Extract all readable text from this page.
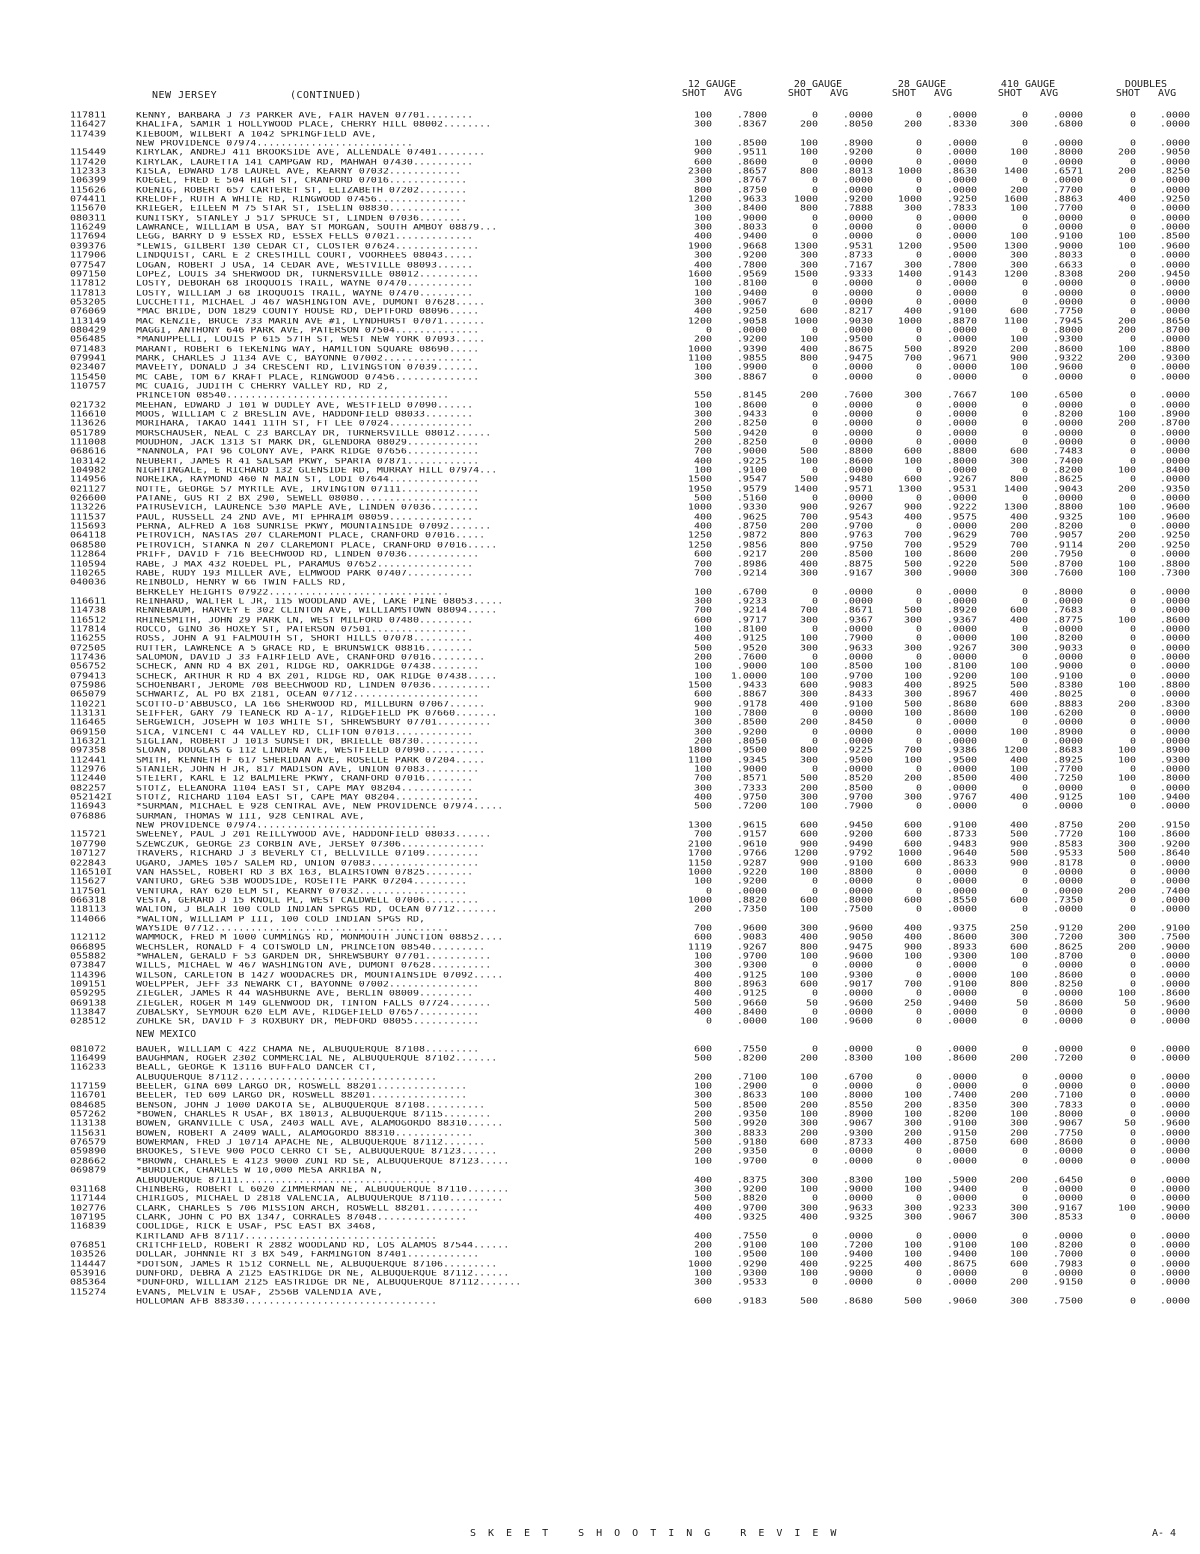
NEW JERSEY	(CONTINUED)
12 GAUGE
SHOT AVG
20 GAUGE
SHOT AVG
28 GAUGE
SHOT AVG
410 GAUGE
SHOT AVG
DOUBLES
SHOT AVG
117811	KENNY, BARBARA J 73 PARKER AVE, FAIR HAVEN 07701........	100	.7800	0	.0000	0	.0000	0	.0000	0	.0000
116427	KHALIFA, SAMIR 1 HOLLYWOOD PLACE, CHERRY HILL 08002........	300	.8367	200	.8050	200	.8330	300	.6800	0	.0000
117439	KIEBOOM, WILBERT A 1042 SPRINGFIELD AVE,
NEW PROVIDENCE 07974..........................	100	.8500	100	.8900	0	.0000	0	.0000	0	.0000
115449	KIRYLAK, ANDREJ 411 BROOKSIDE AVE, ALLENDALE 07401........	900	.9511	100	.9200	0	.0000	100	.8000	200	.9050
117420	KIRYLAK, LAURETTA 141 CAMPGAW RD, MAHWAH 07430..........	600	.8600	0	.0000	0	.0000	0	.0000	0	.0000
112333	KISLA, EDWARD 178 LAUREL AVE, KEARNY 07032............	2300	.8657	800	.8013	1000	.8630	1400	.6571	200	.8250
106399	KOEGEL, FRED E 504 HIGH ST, CRANFORD 07016.............	300	.8767	0	.0000	0	.0000	0	.0000	0	.0000
115626	KOENIG, ROBERT 657 CARTERET ST, ELIZABETH 07202........	800	.8750	0	.0000	0	.0000	200	.7700	0	.0000
074411	KRELOFF, RUTH A WHITE RD, RINGWOOD 07456...............	1200	.9633	1000	.9200	1000	.9250	1600	.8863	400	.9250
115670	KRIEGER, EILEEN M 75 STAR ST, ISELIN 08830............	300	.8400	800	.7888	300	.7833	100	.7700	0	.0000
080311	KUNITSKY, STANLEY J 517 SPRUCE ST, LINDEN 07036........	100	.9000	0	.0000	0	.0000	0	.0000	0	.0000
116249	LAWRANCE, WILLIAM B USA, BAY ST MORGAN, SOUTH AMBOY 08879...	300	.8033	0	.0000	0	.0000	0	.0000	0	.0000
117694	LEGG, BARRY D 9 ESSEX RD, ESSEX FELLS 07021.............	400	.9400	0	.0000	0	.0000	100	.9100	100	.8500
039376	*LEWIS, GILBERT 130 CEDAR CT, CLOSTER 07624..............	1900	.9668	1300	.9531	1200	.9500	1300	.9000	100	.9600
117906	LINDQUIST, CARL E 2 CRESTHILL COURT, VOORHEES 08043.....	300	.9200	300	.8733	0	.0000	300	.8033	0	.0000
077547	LOGAN, ROBERT J USA, 14 CEDAR AVE, WESTVILLE 08093......	400	.7800	300	.7167	300	.7800	300	.6633	0	.0000
097150	LOPEZ, LOUIS 34 SHERWOOD DR, TURNERSVILLE 08012..........	1600	.9569	1500	.9333	1400	.9143	1200	.8308	200	.9450
117812	LOSTY, DEBORAH 68 IROQUOIS TRAIL, WAYNE 07470...........	100	.8100	0	.0000	0	.0000	0	.0000	0	.0000
117813	LOSTY, WILLIAM J 68 IROQUOIS TRAIL, WAYNE 07470.........	100	.9400	0	.0000	0	.0000	0	.0000	0	.0000
053205	LUCCHETTI, MICHAEL J 467 WASHINGTON AVE, DUMONT 07628.....	300	.9067	0	.0000	0	.0000	0	.0000	0	.0000
076069	*MAC BRIDE, DON 1829 COUNTY HOUSE RD, DEPTFORD 08096.....	400	.9250	600	.8217	400	.9100	600	.7750	0	.0000
113149	MAC KENZIE, BRUCE 733 MARIN AVE #1, LYNDHURST 07071.......	1200	.9058	1000	.9030	1000	.8870	1100	.7945	200	.8650
080429	MAGGI, ANTHONY 646 PARK AVE, PATERSON 07504..............	0	.0000	0	.0000	0	.0000	0	.8000	200	.8700
056485	*MANUPPELLI, LOUIS P 615 57TH ST, WEST NEW YORK 07093.....	200	.9200	100	.9500	0	.0000	100	.9300	0	.0000
071483	MARANT, ROBERT 6 TEKENING WAY, HAMILTON SQUARE 08690.....	1000	.9390	400	.8675	500	.8920	200	.8600	100	.8800
079941	MARK, CHARLES J 1134 AVE C, BAYONNE 07002...............	1100	.9855	800	.9475	700	.9671	900	.9322	200	.9300
023407	MAVEETY, DONALD J 34 CRESCENT RD, LIVINGSTON 07039.......	100	.9900	0	.0000	0	.0000	100	.9600	0	.0000
115450	MC CABE, TOM 67 KRAFT PLACE, RINGWOOD 07456..............	300	.8867	0	.0000	0	.0000	0	.0000	0	.0000
110757	MC CUAIG, JUDITH C CHERRY VALLEY RD, RD 2,
PRINCETON 08540.....................................	550	.8145	200	.7600	300	.7667	100	.6500	0	.0000
021732	MEEHAN, EDWARD J 101 W DUDLEY AVE, WESTFIELD 07090......	100	.8600	0	.0000	0	.0000	0	.0000	0	.0000
116610	MOOS, WILLIAM C 2 BRESLIN AVE, HADDONFIELD 08033........	300	.9433	0	.0000	0	.0000	0	.8200	100	.8900
113626	MORIHARA, TAKAO 1441 11TH ST, FT LEE 07024..............	200	.8250	0	.0000	0	.0000	0	.0000	200	.8700
051789	MORSCHAUSER, NEAL C 23 BARCLAY DR, TURNERSVILLE 08012......	500	.9420	0	.0000	0	.0000	0	.0000	0	.0000
111008	MOUDHON, JACK 1313 ST MARK DR, GLENDORA 08029............	200	.8250	0	.0000	0	.0000	0	.0000	0	.0000
068616	*NANNOLA, PAT 96 COLONY AVE, PARK RIDGE 07656............	700	.9000	500	.8800	600	.8800	600	.7483	0	.0000
103142	NEUBERT, JAMES R 41 SALSAM PKWY, SPARTA 07871............	400	.9225	100	.8600	100	.8000	300	.7400	0	.0000
104982	NIGHTINGALE, E RICHARD 132 GLENSIDE RD, MURRAY HILL 07974...	100	.9100	0	.0000	0	.0000	0	.8200	100	.8400
114956	NOREIKA, RAYMOND 460 N MAIN ST, LODI 07644...............	1500	.9547	500	.9480	600	.9267	800	.8625	0	.0000
021127	NOTTE, GEORGE 57 MYRTLE AVE, IRVINGTON 07111.............	1950	.9579	1400	.9571	1300	.9531	1400	.9043	200	.9350
026600	PATANE, GUS RT 2 BX 290, SEWELL 08080....................	500	.5160	0	.0000	0	.0000	0	.0000	0	.0000
113226	PATRUSEVICH, LAURENCE 530 MAPLE AVE, LINDEN 07036........	1000	.9330	900	.9267	900	.9222	1300	.8800	100	.9600
111537	PAUL, RUSSELL 24 2ND AVE, MT EPHRAIM 08059..............	400	.9625	700	.9543	400	.9575	400	.9325	100	.9600
115693	PERNA, ALFRED A 168 SUNRISE PKWY, MOUNTAINSIDE 07092.......	400	.8750	200	.9700	0	.0000	200	.8200	0	.0000
064118	PETROVICH, NASTAS 207 CLAREMONT PLACE, CRANFORD 07016.....	1250	.9872	800	.9763	700	.9629	700	.9057	200	.9250
068580	PETROVICH, STANKA N 207 CLAREMONT PLACE, CRANFORD 07016.....	1250	.9856	800	.9750	700	.9529	700	.9114	200	.9250
112864	PRIFF, DAVID F 716 BEECHWOOD RD, LINDEN 07036............	600	.9217	200	.8500	100	.8600	200	.7950	0	.0000
110594	RABE, J MAX 432 ROEDEL PL, PARAMUS 07652................	700	.8986	400	.8875	500	.9220	500	.8700	100	.8800
110265	RABE, RUDY 193 MILLER AVE, ELMWOOD PARK 07407...........	700	.9214	300	.9167	300	.9000	300	.7600	100	.7300
040036	REINBOLD, HENRY W 66 TWIN FALLS RD,
BERKELEY HEIGHTS 07922..............................	100	.6700	0	.0000	0	.0000	0	.8000	0	.0000
116611	REINHARD, WALTER L JR, 115 WOODLAND AVE, LAKE PINE 08053.....	300	.9233	0	.0000	0	.0000	0	.0000	0	.0000
114738	RENNEBAUM, HARVEY E 302 CLINTON AVE, WILLIAMSTOWN 08094.....	700	.9214	700	.8671	500	.8920	600	.7683	0	.0000
116512	RHINESMITH, JOHN 29 PARK LN, WEST MILFORD 07480.........	600	.9717	300	.9367	300	.9367	400	.8775	100	.8600
117814	ROCCO, GINO 36 HOXEY ST, PATERSON 07501................	100	.8100	0	.0000	0	.0000	0	.0000	0	.0000
116255	ROSS, JOHN A 91 FALMOUTH ST, SHORT HILLS 07078..........	400	.9125	100	.7900	0	.0000	100	.8200	0	.0000
072505	RUTTER, LAWRENCE A 5 GRACE RD, E BRUNSWICK 08816........	500	.9520	300	.9633	300	.9267	300	.9033	0	.0000
117436	SALOMON, DAVID J 33 FAIRFIELD AVE, CRANFORD 07016.........	200	.7600	0	.0000	0	.0000	0	.0000	0	.0000
056752	SCHECK, ANN RD 4 BX 201, RIDGE RD, OAKRIDGE 07438........	100	.9000	100	.8500	100	.8100	100	.9000	0	.0000
079413	SCHECK, ARTHUR R RD 4 BX 201, RIDGE RD, OAK RIDGE 07438.....	100	1.0000	100	.9700	100	.9200	100	.9100	0	.0000
075986	SCHOENBART, JEROME 708 BEECHWOOD RD, LINDEN 07036..........	1500	.9433	600	.9083	400	.8925	500	.8380	100	.8800
065079	SCHWARTZ, AL PO BX 2181, OCEAN 07712.....................	600	.8867	300	.8433	300	.8967	400	.8025	0	.0000
110221	SCOTTO-D'ABBUSCO, LA 166 SHERWOOD RD, MILLBURN 07067......	900	.9178	400	.9100	500	.8680	600	.8883	200	.8300
113131	SEIFFER, GARY 79 TEANECK RD A-17, RIDGEFIELD PK 07660.......	100	.7800	0	.0000	100	.8600	100	.6200	0	.0000
116465	SERGEWICH, JOSEPH W 103 WHITE ST, SHREWSBURY 07701.........	300	.8500	200	.8450	0	.0000	0	.0000	0	.0000
069150	SICA, VINCENT C 44 VALLEY RD, CLIFTON 07013.............	300	.9200	0	.0000	0	.0000	100	.8900	0	.0000
116321	SIGLIAN, ROBERT J 1013 SUNSET DR, BRIELLE 08730..........	200	.8050	0	.0000	0	.0000	0	.0000	0	.0000
097358	SLOAN, DOUGLAS G 112 LINDEN AVE, WESTFIELD 07090..........	1800	.9500	800	.9225	700	.9386	1200	.8683	100	.8900
112441	SMITH, KENNETH F 617 SHERIDAN AVE, ROSELLE PARK 07204.....	1100	.9345	300	.9500	100	.9500	400	.8925	100	.9300
112976	STANIER, JOHN H JR, 817 MADISON AVE, UNION 07083.........	100	.9000	0	.0000	0	.0000	100	.7700	0	.0000
112440	STEIERT, KARL E 12 BALMIERE PKWY, CRANFORD 07016........	700	.8571	500	.8520	200	.8500	400	.7250	100	.8000
082257	STOTZ, ELEANORA 1104 EAST ST, CAPE MAY 08204............	300	.7333	200	.8500	0	.0000	0	.0000	0	.0000
052142I	STOTZ, RICHARD 1104 EAST ST, CAPE MAY 08204..............	400	.9750	300	.9700	300	.9767	400	.9125	100	.9400
116943	*SURMAN, MICHAEL E 928 CENTRAL AVE, NEW PROVIDENCE 07974.....	500	.7200	100	.7900	0	.0000	0	.0000	0	.0000
076886	SURMAN, THOMAS W III, 928 CENTRAL AVE,
NEW PROVIDENCE 07974..............................	1300	.9615	600	.9450	600	.9100	400	.8750	200	.9150
115721	SWEENEY, PAUL J 201 REILLYWOOD AVE, HADDONFIELD 08033......	700	.9157	600	.9200	600	.8733	500	.7720	100	.8600
107790	SZEWCZUK, GEORGE 23 CORBIN AVE, JERSEY 07306..............	2100	.9610	900	.9490	600	.9483	900	.8583	300	.9200
107127	TRAVERS, RICHARD J 3 BEVERLY CT, BELLVILLE 07109.........	1700	.9766	1200	.9792	1000	.9640	500	.9533	500	.8640
022843	UGARO, JAMES 1057 SALEM RD, UNION 07083..................	1150	.9287	900	.9100	600	.8633	900	.8178	0	.0000
116510I	VAN HASSEL, ROBERT RD 3 BX 163, BLAIRSTOWN 07825........	1000	.9220	100	.8800	0	.0000	0	.0000	0	.0000
115627	VANTURO, GREG 53B WOODSIDE, ROSETTE PARK 07204.........	100	.9200	0	.0000	0	.0000	0	.0000	0	.0000
117501	VENTURA, RAY 620 ELM ST, KEARNY 07032..................	0	.0000	0	.0000	0	.0000	0	.0000	200	.7400
066318	VESTA, GERARD J 15 KNOLL PL, WEST CALDWELL 07006.........	1000	.8820	600	.8000	600	.8550	600	.7350	0	.0000
118113	WALTON, J BLAIR 100 COLD INDIAN SPRGS RD, OCEAN 07712.......	200	.7350	100	.7500	0	.0000	0	.0000	0	.0000
114066	*WALTON, WILLIAM P III, 100 COLD INDIAN SPGS RD,
WAYSIDE 07712.......................................	700	.9600	300	.9600	400	.9375	250	.9120	200	.9100
112112	WAMMOCK, FRED M 1000 CUMMINGS RD, MONMOUTH JUNCTION 08852....	600	.9083	400	.9050	400	.8600	300	.7200	300	.7500
066895	WECHSLER, RONALD F 4 COTSWOLD LN, PRINCETON 08540.........	1119	.9267	800	.9475	900	.8933	600	.8625	200	.9000
055882	*WHALEN, GERALD F 53 GARDEN DR, SHREWSBURY 07701...........	100	.9700	100	.9600	100	.9300	100	.8700	0	.0000
073847	WILLS, MICHAEL W 467 WASHINGTON AVE, DUMONT 07628..........	300	.9300	0	.0000	0	.0000	0	.0000	0	.0000
114396	WILSON, CARLETON B 1427 WOODACRES DR, MOUNTAINSIDE 07092.....	400	.9125	100	.9300	0	.0000	100	.8600	0	.0000
109151	WOELPPER, JEFF 33 NEWARK CT, BAYONNE 07002...............	800	.8963	600	.9017	700	.9100	800	.8250	0	.0000
059295	ZIEGLER, JAMES R 44 WASHBURNE AVE, BERLIN 08009.........	400	.9125	0	.0000	0	.0000	0	.0000	100	.8600
069138	ZIEGLER, ROGER M 149 GLENWOOD DR, TINTON FALLS 07724.......	500	.9660	50	.9600	250	.9400	50	.8600	50	.9600
113847	ZUBALSKY, SEYMOUR 620 ELM AVE, RIDGEFIELD 07657..........	400	.8400	0	.0000	0	.0000	0	.0000	0	.0000
028512	ZUHLKE SR, DAVID F 3 ROXBURY DR, MEDFORD 08055...........	0	.0000	100	.9600	0	.0000	0	.0000	0	.0000
NEW MEXICO
081072	BAUER, WILLIAM C 422 CHAMA NE, ALBUQUERQUE 87108.........	600	.7550	0	.0000	0	.0000	0	.0000	0	.0000
116499	BAUGHMAN, ROGER 2302 COMMERCIAL NE, ALBUQUERQUE 87102.......	500	.8200	200	.8300	100	.8600	200	.7200	0	.0000
116233	BEALL, GEORGE K 13116 BUFFALO DANCER CT,
ALBUQUERQUE 87112.................................	200	.7100	100	.6700	0	.0000	0	.0000	0	.0000
117159	BEELER, GINA 609 LARGO DR, ROSWELL 88201...............	100	.2900	0	.0000	0	.0000	0	.0000	0	.0000
116701	BEELER, TED 609 LARGO DR, ROSWELL 88201................	300	.8633	100	.8000	100	.7400	200	.7100	0	.0000
084685	BENSON, JOHN J 1000 DAKOTA SE, ALBUQUERQUE 87108..........	500	.8500	200	.8550	200	.8350	300	.7833	0	.0000
057262	*BOWEN, CHARLES R USAF, BX 18013, ALBUQUERQUE 87115........	200	.9350	100	.8900	100	.8200	100	.8000	0	.0000
113138	BOWEN, GRANVILLE C USA, 2403 WALL AVE, ALAMOGORDO 88310......	500	.9920	300	.9067	300	.9100	300	.9067	50	.9600
115631	BOWEN, ROBERT A 2409 WALL, ALAMOGORDO 88310.............	300	.8833	200	.9300	200	.9150	200	.7750	0	.0000
076579	BOWERMAN, FRED J 10714 APACHE NE, ALBUQUERQUE 87112.......	500	.9180	600	.8733	400	.8750	600	.8600	0	.0000
059890	BROOKES, STEVE 900 POCO CERRO CT SE, ALBUQUERQUE 87123......	200	.9350	0	.0000	0	.0000	0	.0000	0	.0000
028662	*BROWN, CHARLES E 4123 9000 ZUNI RD SE, ALBUQUERQUE 87123.....	100	.9700	0	.0000	0	.0000	0	.0000	0	.0000
069879	*BURDICK, CHARLES W 10,000 MESA ARRIBA N,
ALBUQUERQUE 87111.................................	400	.8375	300	.8300	100	.5900	200	.6450	0	.0000
031168	CHINBERG, ROBERT L 6020 ZIMMERMAN NE, ALBUQUERQUE 87110.......	300	.9200	100	.9000	100	.9400	0	.0000	0	.0000
117144	CHIRIGOS, MICHAEL D 2818 VALENCIA, ALBUQUERQUE 87110.........	500	.8820	0	.0000	0	.0000	0	.0000	0	.0000
102776	CLARK, CHARLES S 706 MISSION ARCH, ROSWELL 88201.........	400	.9700	300	.9633	300	.9233	300	.9167	100	.9000
107195	CLARK, JOHN C PO BX 1347, CORRALES 87048...............	400	.9325	400	.9325	300	.9067	300	.8533	0	.0000
116839	COOLIDGE, RICK E USAF, PSC EAST BX 3468,
KIRTLAND AFB 87117................................	400	.7550	0	.0000	0	.0000	0	.0000	0	.0000
076851	CRITCHFIELD, ROBERT R 2882 WOODLAND RD, LOS ALAMOS 87544......	200	.9100	100	.7200	100	.9100	100	.8200	0	.0000
103526	DOLLAR, JOHNNIE RT 3 BX 549, FARMINGTON 87401............	100	.9500	100	.9400	100	.9400	100	.7000	0	.0000
114447	*DOTSON, JAMES R 1512 CORNELL NE, ALBUQUERQUE 87106.........	1000	.9290	400	.9225	400	.8675	600	.7983	0	.0000
053916	DUNFORD, DEBRA A 2125 EASTRIDGE DR NE, ALBUQUERQUE 87112......	100	.9300	100	.9000	0	.0000	0	.0000	0	.0000
085364	*DUNFORD, WILLIAM 2125 EASTRIDGE DR NE, ALBUQUERQUE 87112.......	300	.9533	0	.0000	0	.0000	200	.9150	0	.0000
115274	EVANS, MELVIN E USAF, 2556B VALENDIA AVE,
HOLLOMAN AFB 88330................................	600	.9183	500	.8680	500	.9060	300	.7500	0	.0000
SKEET SHOOTING REVIEW	A- 4
